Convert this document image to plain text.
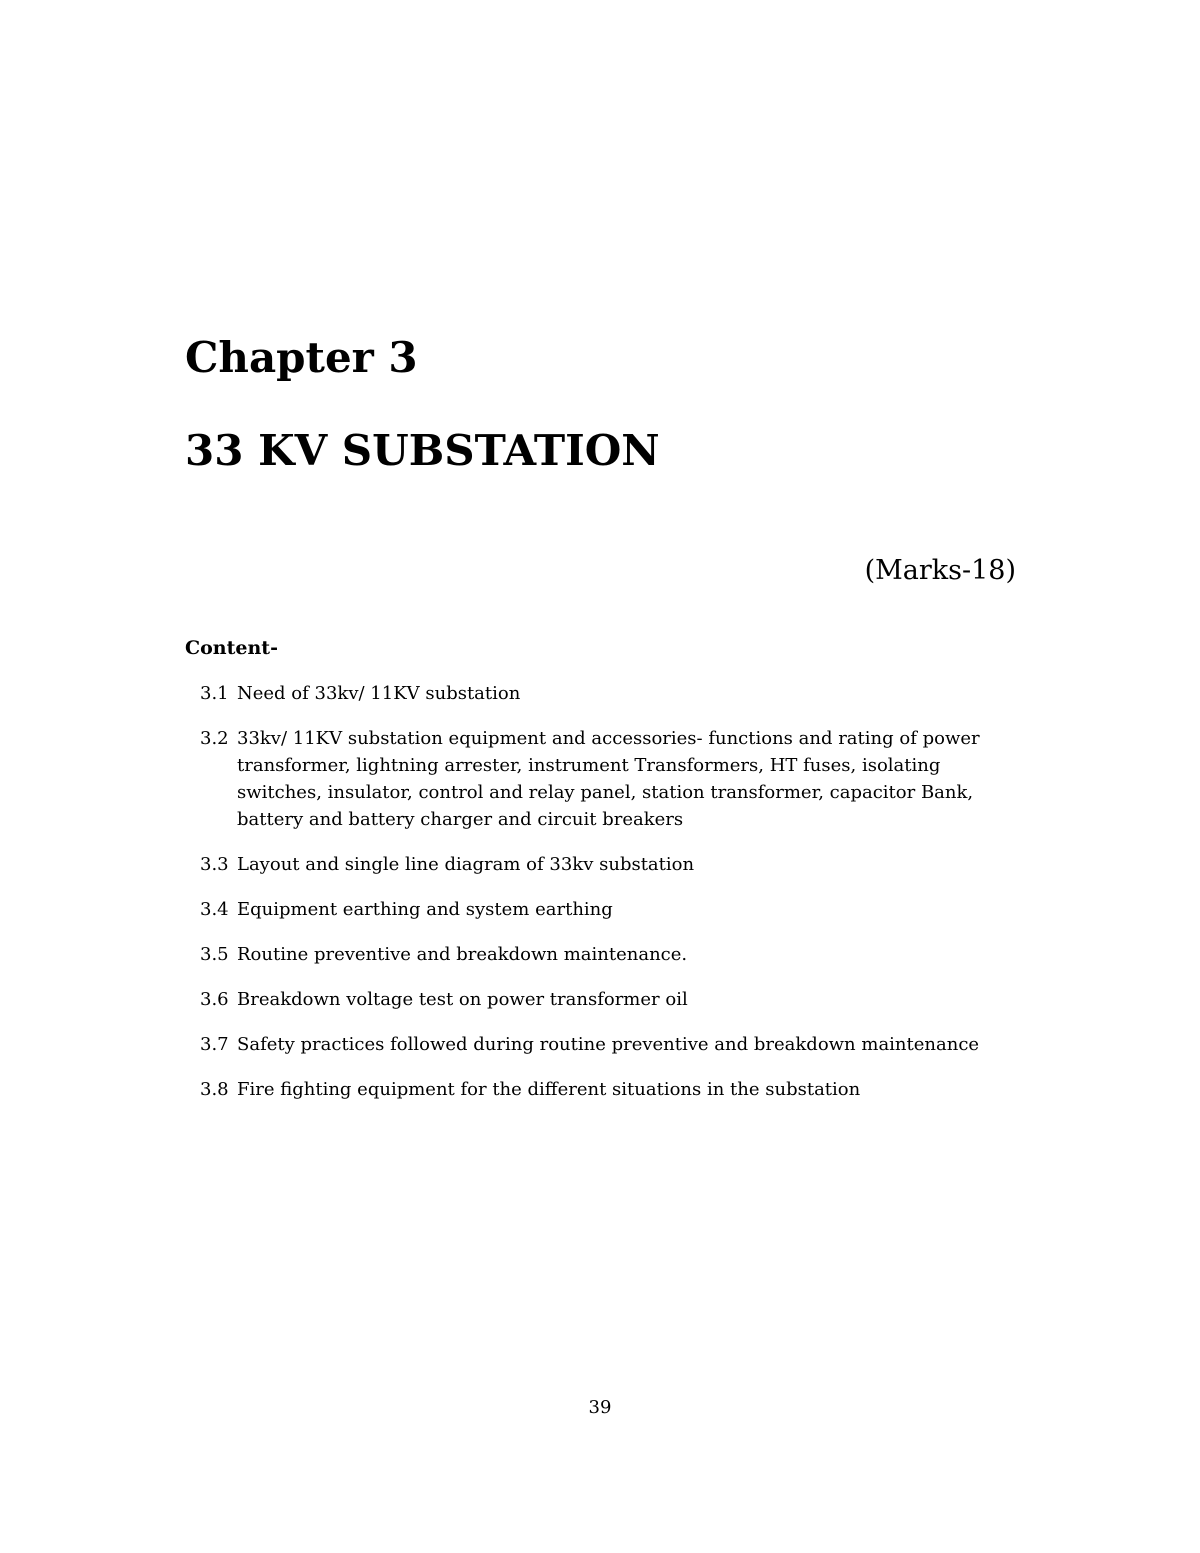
Chapter 3
33 KV SUBSTATION
(Marks-18)
Content-
3.1 Need of 33kv/ 11KV substation
3.2 33kv/ 11KV substation equipment and accessories- functions and rating of power transformer, lightning arrester, instrument Transformers, HT fuses, isolating switches, insulator, control and relay panel, station transformer, capacitor Bank, battery and battery charger and circuit breakers
3.3 Layout and single line diagram of 33kv substation
3.4 Equipment earthing and system earthing
3.5 Routine preventive and breakdown maintenance.
3.6 Breakdown voltage test on power transformer oil
3.7 Safety practices followed during routine preventive and breakdown maintenance
3.8 Fire fighting equipment for the different situations in the substation
39
